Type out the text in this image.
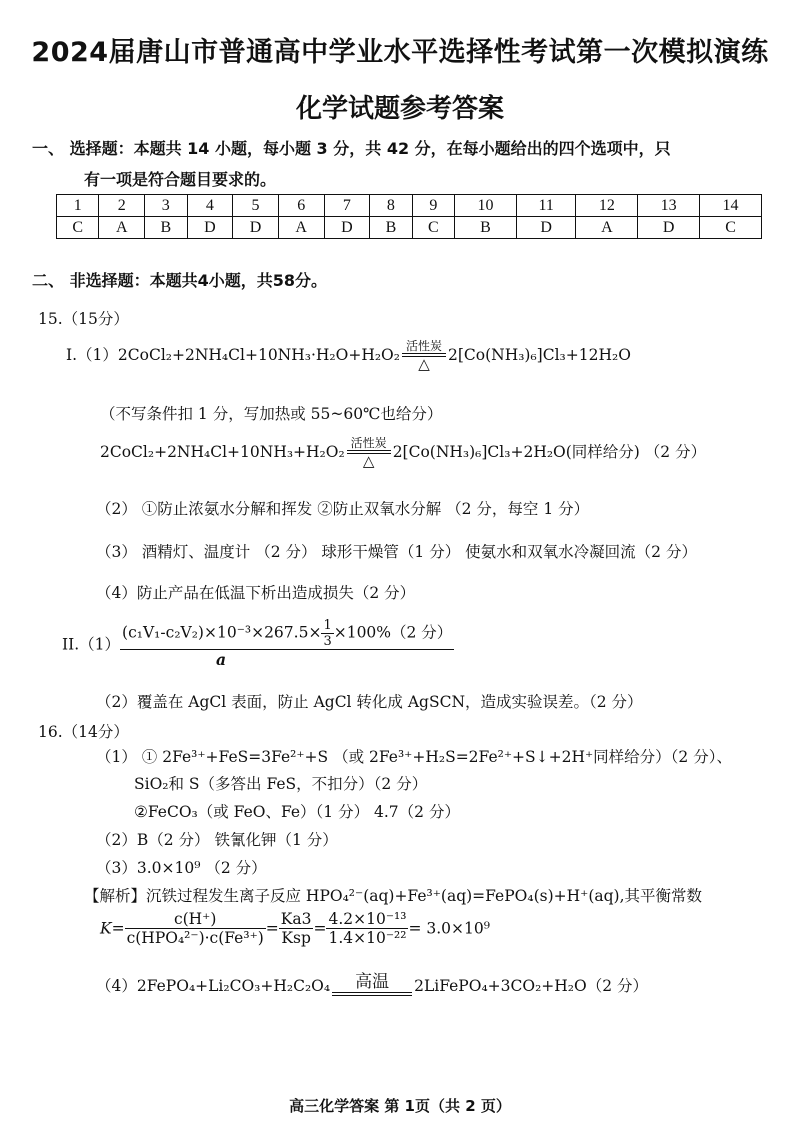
2024届唐山市普通高中学业水平选择性考试第一次模拟演练
化学试题参考答案
一、 选择题：本题共 14 小题，每小题 3 分，共 42 分，在每小题给出的四个选项中，只
有一项是符合题目要求的。
1	2	3	4	5	6	7	8	9	10	11	12	13	14
C	A	B	D	D	A	D	B	C	B	D	A	D	C
二、 非选择题：本题共4小题，共58分。
15.（15分）
I.（1）2CoCl₂+2NH₄Cl+10NH₃·H₂O+H₂O₂ 活性炭
△	2[Co(NH₃)₆]Cl₃+12H₂O
（不写条件扣 1 分，写加热或 55~60℃也给分）
2CoCl₂+2NH₄Cl+10NH₃+H₂O₂ 活性炭
△	2[Co(NH₃)₆]Cl₃+2H₂O(同样给分) （2 分）
（2） ①防止浓氨水分解和挥发 ②防止双氧水分解 （2 分，每空 1 分）
（3） 酒精灯、温度计 （2 分） 球形干燥管（1 分） 使氨水和双氧水冷凝回流（2 分）
（4）防止产品在低温下析出造成损失（2 分）
$II.(1) \frac{(c_1V_1-c_2V_2)\times 10^{-3}\times 267.5\times \frac{1}{3} \times 100\%(2 分)}{a}$
（2）覆盖在 AgCl 表面，防止 AgCl 转化成 AgSCN，造成实验误差。（2 分）
16.（14分）
（1） ① 2Fe³⁺+FeS=3Fe²⁺+S （或 2Fe³⁺+H₂S=2Fe²⁺+S↓+2H⁺同样给分）（2 分）、
SiO₂和 S（多答出 FeS，不扣分）（2 分）
②FeCO₃（或 FeO、Fe）（1 分） 4.7（2 分）
（2）B（2 分） 铁氰化钾（1 分）
（3）3.0×10⁹ （2 分）
【解析】沉铁过程发生离子反应 HPO₄²⁻(aq)+Fe³⁺(aq)=FePO₄(s)+H⁺(aq),其平衡常数
$K= \frac{c(H^+)}{\text{c(HPO₄²⁻)·c(Fe³⁺)}} = \frac{Ka3}{\text{Ksp}} = \frac{\text{4.2×10⁻¹³}}{\text{1.4×10⁻²²}} = 3.0\times 10^9$
（4）2FePO₄+Li₂CO₃+H₂C₂O₄	高温	2LiFePO₄+3CO₂+H₂O（2 分）
高三化学答案 第 1页（共 2 页）
